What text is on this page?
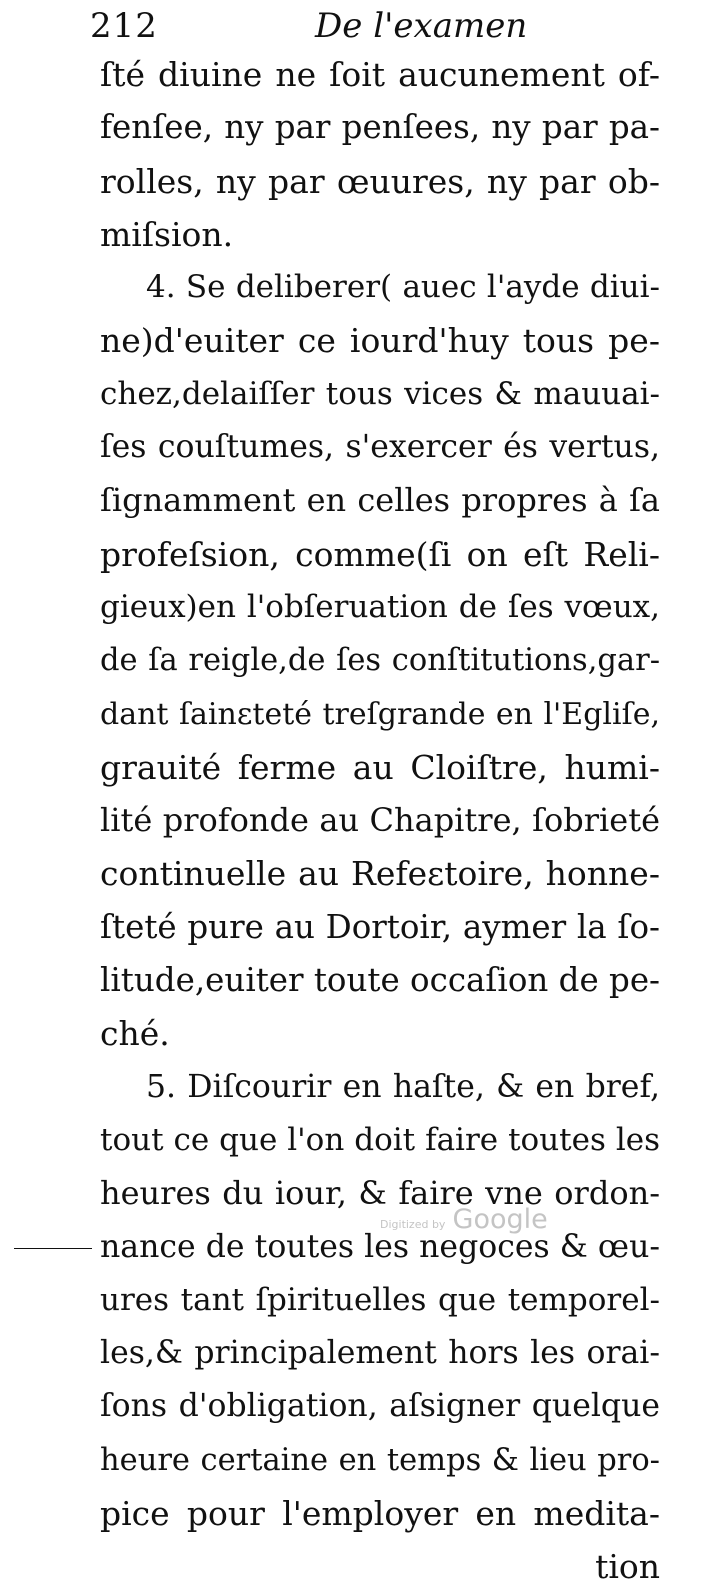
212	De l'examen
ſté diuine ne ſoit aucunement of-
fenſee, ny par penſees, ny par pa-
rolles, ny par œuures, ny par ob-
miſsion.
4. Se deliberer( auec l'ayde diui-
ne)d'euiter ce iourd'huy tous pe-
chez,delaiſſer tous vices & mauuai-
ſes couſtumes, s'exercer és vertus,
ſignamment en celles propres à ſa
profeſsion, comme(ſi on eſt Reli-
gieux)en l'obſeruation de ſes vœux,
de ſa reigle,de ſes conſtitutions,gar-
dant ſainɛteté treſgrande en l'Egliſe,
grauité ferme au Cloiſtre, humi-
lité profonde au Chapitre, ſobrieté
continuelle au Refeɛtoire, honne-
ſteté pure au Dortoir, aymer la ſo-
litude,euiter toute occaſion de pe-
ché.
5. Diſcourir en haſte, & en bref,
tout ce que l'on doit faire toutes les
heures du iour, & faire vne ordon-
nance de toutes les negoces & œu-
ures tant ſpirituelles que temporel-
les,& principalement hors les orai-
ſons d'obligation, aſsigner quelque
heure certaine en temps & lieu pro-
pice pour l'employer en medita-
tion
Digitized by Google
